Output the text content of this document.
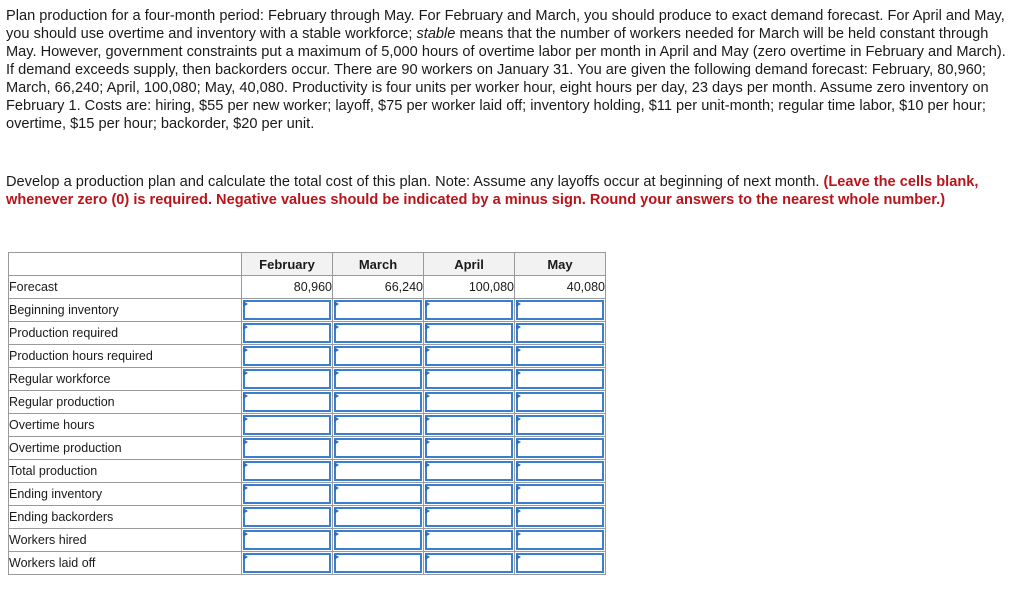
Plan production for a four-month period: February through May. For February and March, you should produce to exact demand forecast. For April and May, you should use overtime and inventory with a stable workforce; stable means that the number of workers needed for March will be held constant through May. However, government constraints put a maximum of 5,000 hours of overtime labor per month in April and May (zero overtime in February and March). If demand exceeds supply, then backorders occur. There are 90 workers on January 31. You are given the following demand forecast: February, 80,960; March, 66,240; April, 100,080; May, 40,080. Productivity is four units per worker hour, eight hours per day, 23 days per month. Assume zero inventory on February 1. Costs are: hiring, $55 per new worker; layoff, $75 per worker laid off; inventory holding, $11 per unit-month; regular time labor, $10 per hour; overtime, $15 per hour; backorder, $20 per unit.

Develop a production plan and calculate the total cost of this plan. Note: Assume any layoffs occur at beginning of next month. (Leave the cells blank, whenever zero (0) is required. Negative values should be indicated by a minus sign. Round your answers to the nearest whole number.)

	February	March	April	May
Forecast	80,960	66,240	100,080	40,080
Beginning inventory	

Production required	

Production hours required	

Regular workforce	

Regular production	

Overtime hours	

Overtime production	

Total production	

Ending inventory	

Ending backorders	

Workers hired	

Workers laid off	
